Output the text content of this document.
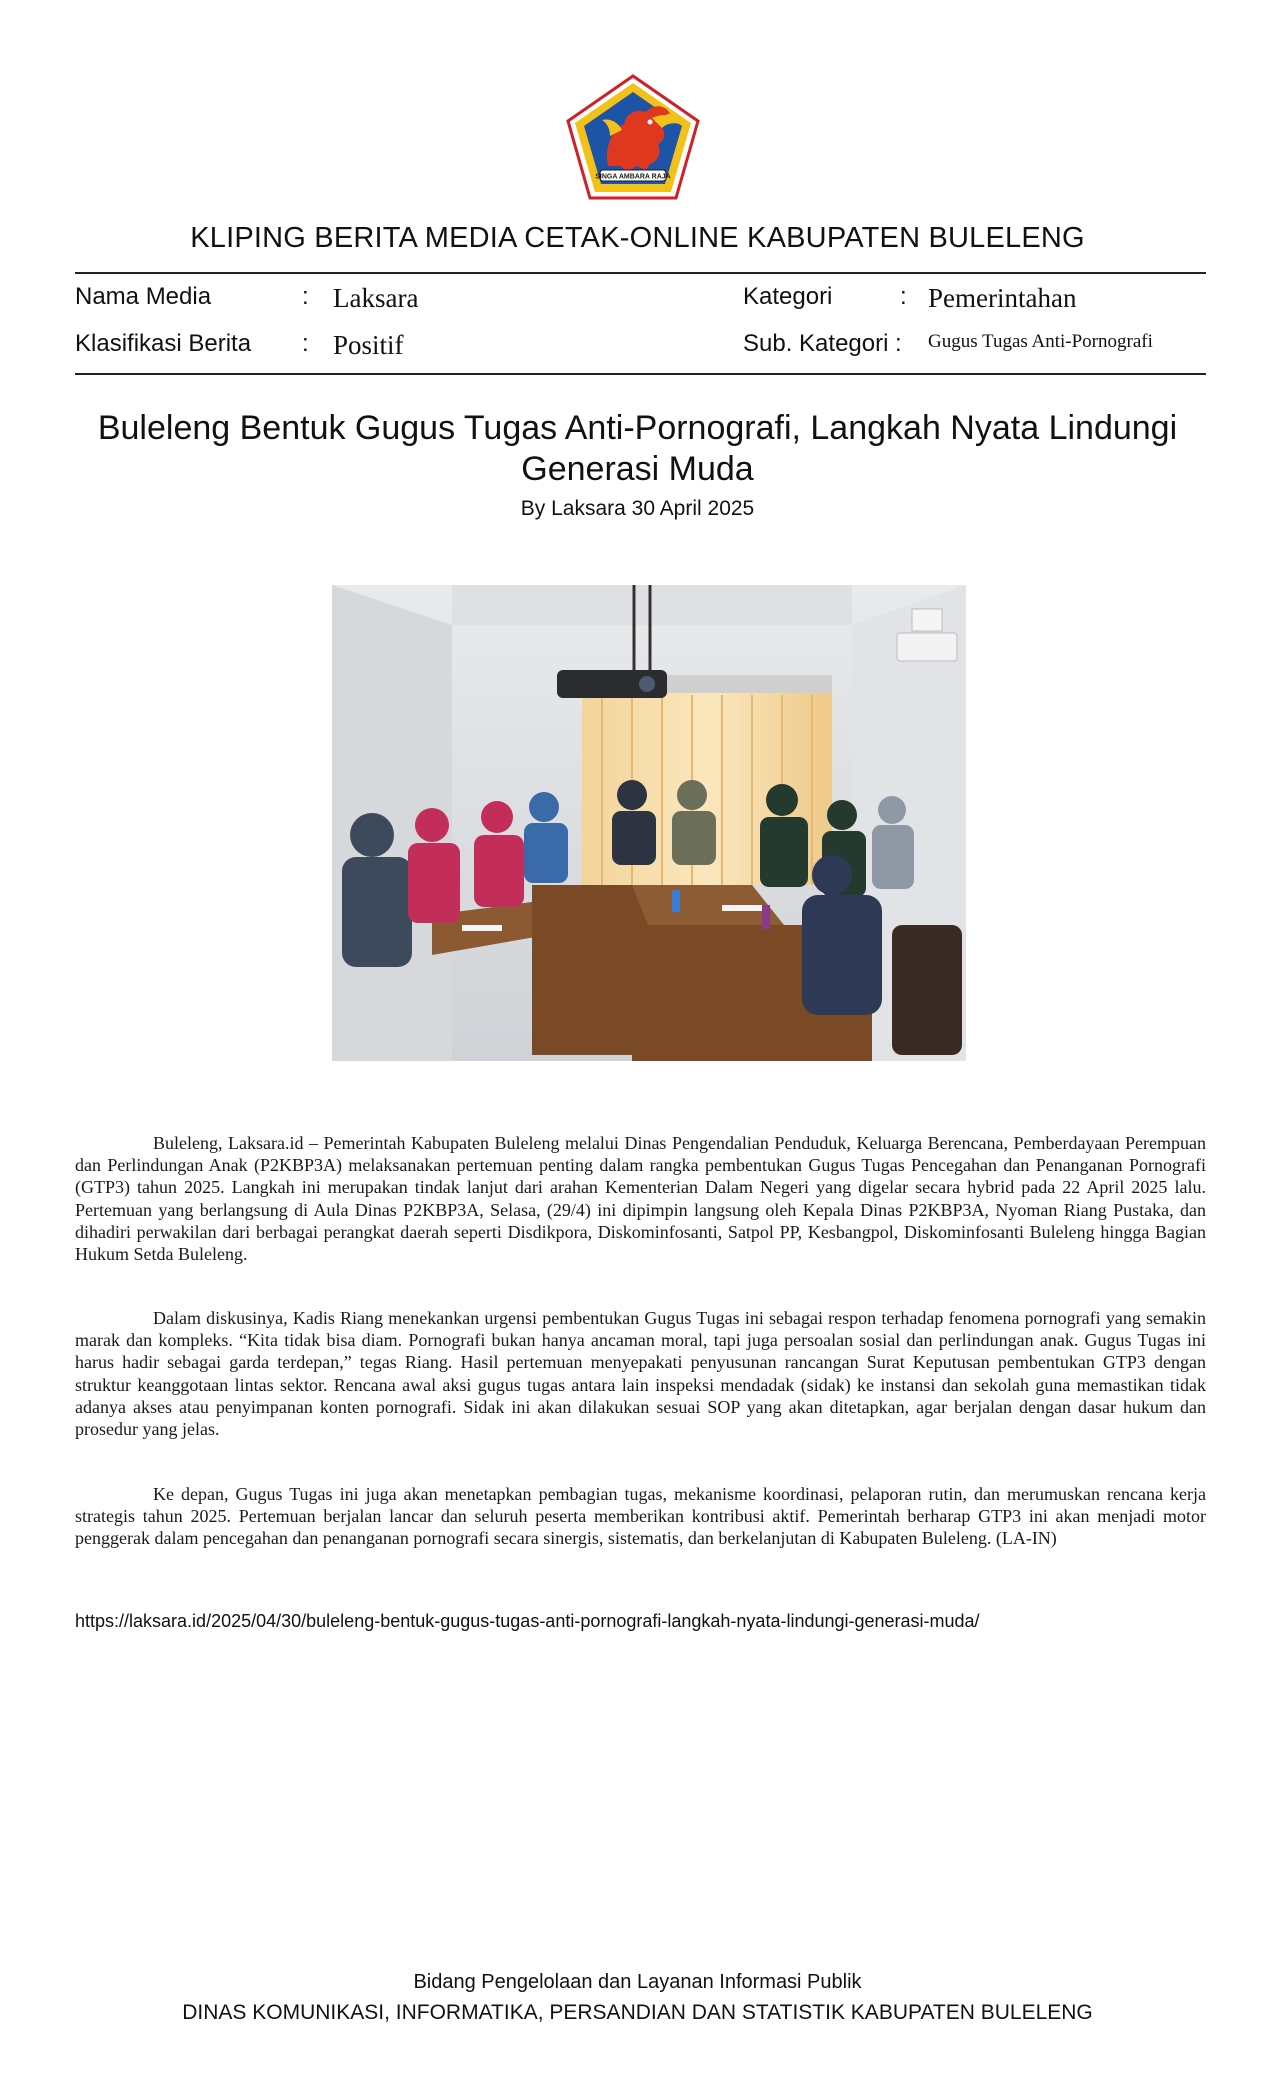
SINGA AMBARA RAJA
KLIPING BERITA MEDIA CETAK-ONLINE KABUPATEN BULELENG
Nama Media	: Laksara
Klasifikasi Berita : Positif
Kategori	: Pemerintahan
Sub. Kategori : Gugus Tugas Anti-Pornografi
Buleleng Bentuk Gugus Tugas Anti-Pornografi, Langkah Nyata Lindungi
Generasi Muda
By Laksara 30 April 2025

Buleleng, Laksara.id – Pemerintah Kabupaten Buleleng melalui Dinas Pengendalian Penduduk, Keluarga Berencana, Pemberdayaan Perempuan dan Perlindungan Anak (P2KBP3A) melaksanakan pertemuan penting dalam rangka pembentukan Gugus Tugas Pencegahan dan Penanganan Pornografi (GTP3) tahun 2025. Langkah ini merupakan tindak lanjut dari arahan Kementerian Dalam Negeri yang digelar secara hybrid pada 22 April 2025 lalu. Pertemuan yang berlangsung di Aula Dinas P2KBP3A, Selasa, (29/4) ini dipimpin langsung oleh Kepala Dinas P2KBP3A, Nyoman Riang Pustaka, dan dihadiri perwakilan dari berbagai perangkat daerah seperti Disdikpora, Diskominfosanti, Satpol PP, Kesbangpol, Diskominfosanti Buleleng hingga Bagian Hukum Setda Buleleng.

Dalam diskusinya, Kadis Riang menekankan urgensi pembentukan Gugus Tugas ini sebagai respon terhadap fenomena pornografi yang semakin marak dan kompleks. “Kita tidak bisa diam. Pornografi bukan hanya ancaman moral, tapi juga persoalan sosial dan perlindungan anak. Gugus Tugas ini harus hadir sebagai garda terdepan,” tegas Riang. Hasil pertemuan menyepakati penyusunan rancangan Surat Keputusan pembentukan GTP3 dengan struktur keanggotaan lintas sektor. Rencana awal aksi gugus tugas antara lain inspeksi mendadak (sidak) ke instansi dan sekolah guna memastikan tidak adanya akses atau penyimpanan konten pornografi. Sidak ini akan dilakukan sesuai SOP yang akan ditetapkan, agar berjalan dengan dasar hukum dan prosedur yang jelas.

Ke depan, Gugus Tugas ini juga akan menetapkan pembagian tugas, mekanisme koordinasi, pelaporan rutin, dan merumuskan rencana kerja strategis tahun 2025. Pertemuan berjalan lancar dan seluruh peserta memberikan kontribusi aktif. Pemerintah berharap GTP3 ini akan menjadi motor penggerak dalam pencegahan dan penanganan pornografi secara sinergis, sistematis, dan berkelanjutan di Kabupaten Buleleng. (LA-IN)

https://laksara.id/2025/04/30/buleleng-bentuk-gugus-tugas-anti-pornografi-langkah-nyata-lindungi-generasi-muda/
Bidang Pengelolaan dan Layanan Informasi Publik
DINAS KOMUNIKASI, INFORMATIKA, PERSANDIAN DAN STATISTIK KABUPATEN BULELENG
